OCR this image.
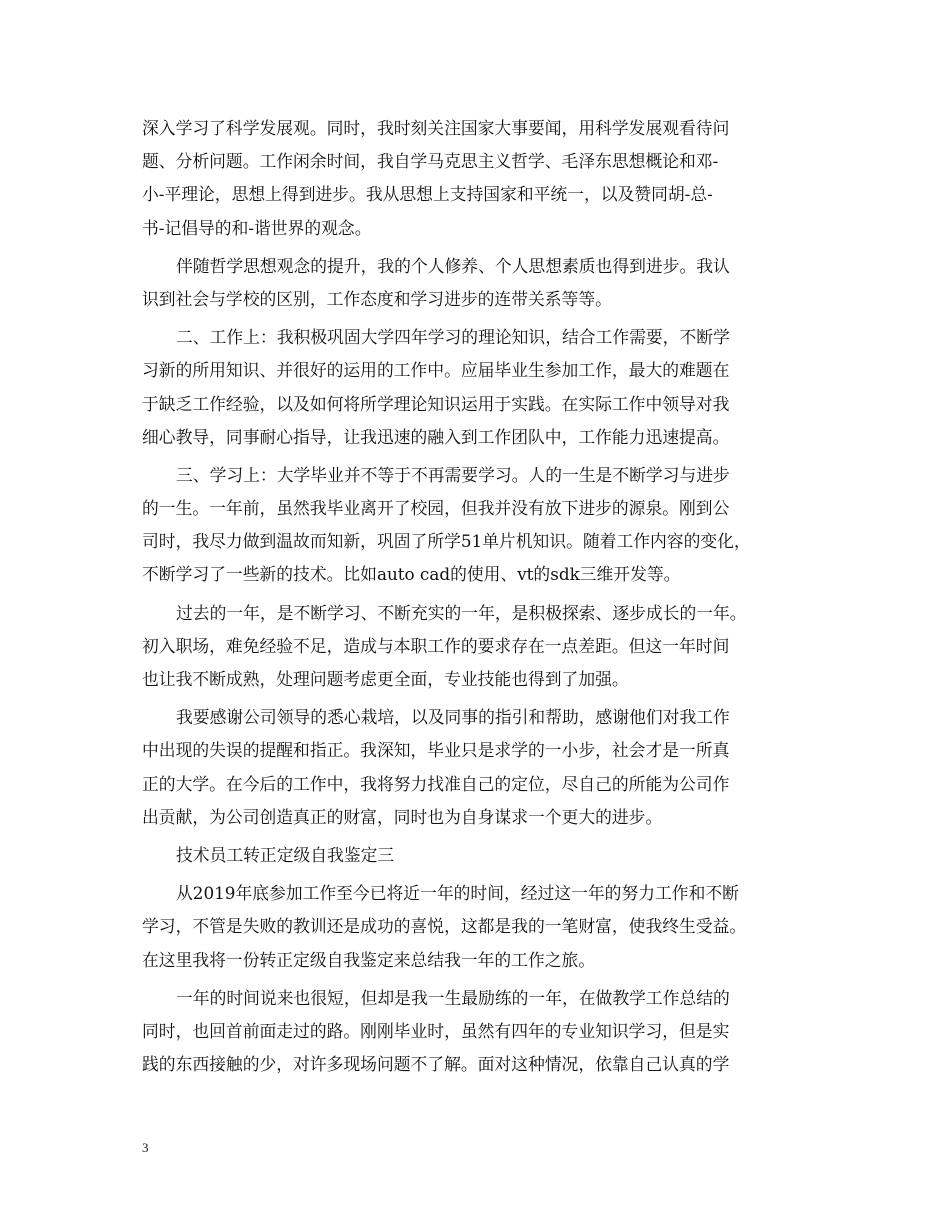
深入学习了科学发展观。同时，我时刻关注国家大事要闻，用科学发展观看待问
题、分析问题。工作闲余时间，我自学马克思主义哲学、毛泽东思想概论和邓-
小-平理论，思想上得到进步。我从思想上支持国家和平统一，以及赞同胡-总-
书-记倡导的和-谐世界的观念。
伴随哲学思想观念的提升，我的个人修养、个人思想素质也得到进步。我认
识到社会与学校的区别，工作态度和学习进步的连带关系等等。
二、工作上：我积极巩固大学四年学习的理论知识，结合工作需要，不断学
习新的所用知识、并很好的运用的工作中。应届毕业生参加工作，最大的难题在
于缺乏工作经验，以及如何将所学理论知识运用于实践。在实际工作中领导对我
细心教导，同事耐心指导，让我迅速的融入到工作团队中，工作能力迅速提高。
三、学习上：大学毕业并不等于不再需要学习。人的一生是不断学习与进步
的一生。一年前，虽然我毕业离开了校园，但我并没有放下进步的源泉。刚到公
司时，我尽力做到温故而知新，巩固了所学51单片机知识。随着工作内容的变化，
不断学习了一些新的技术。比如auto cad的使用、vt的sdk三维开发等。
过去的一年，是不断学习、不断充实的一年，是积极探索、逐步成长的一年。
初入职场，难免经验不足，造成与本职工作的要求存在一点差距。但这一年时间
也让我不断成熟，处理问题考虑更全面，专业技能也得到了加强。
我要感谢公司领导的悉心栽培，以及同事的指引和帮助，感谢他们对我工作
中出现的失误的提醒和指正。我深知，毕业只是求学的一小步，社会才是一所真
正的大学。在今后的工作中，我将努力找准自己的定位，尽自己的所能为公司作
出贡献，为公司创造真正的财富，同时也为自身谋求一个更大的进步。
技术员工转正定级自我鉴定三
从2019年底参加工作至今已将近一年的时间，经过这一年的努力工作和不断
学习，不管是失败的教训还是成功的喜悦，这都是我的一笔财富，使我终生受益。
在这里我将一份转正定级自我鉴定来总结我一年的工作之旅。
一年的时间说来也很短，但却是我一生最励练的一年，在做教学工作总结的
同时，也回首前面走过的路。刚刚毕业时，虽然有四年的专业知识学习，但是实
践的东西接触的少，对许多现场问题不了解。面对这种情况，依靠自己认真的学
3
